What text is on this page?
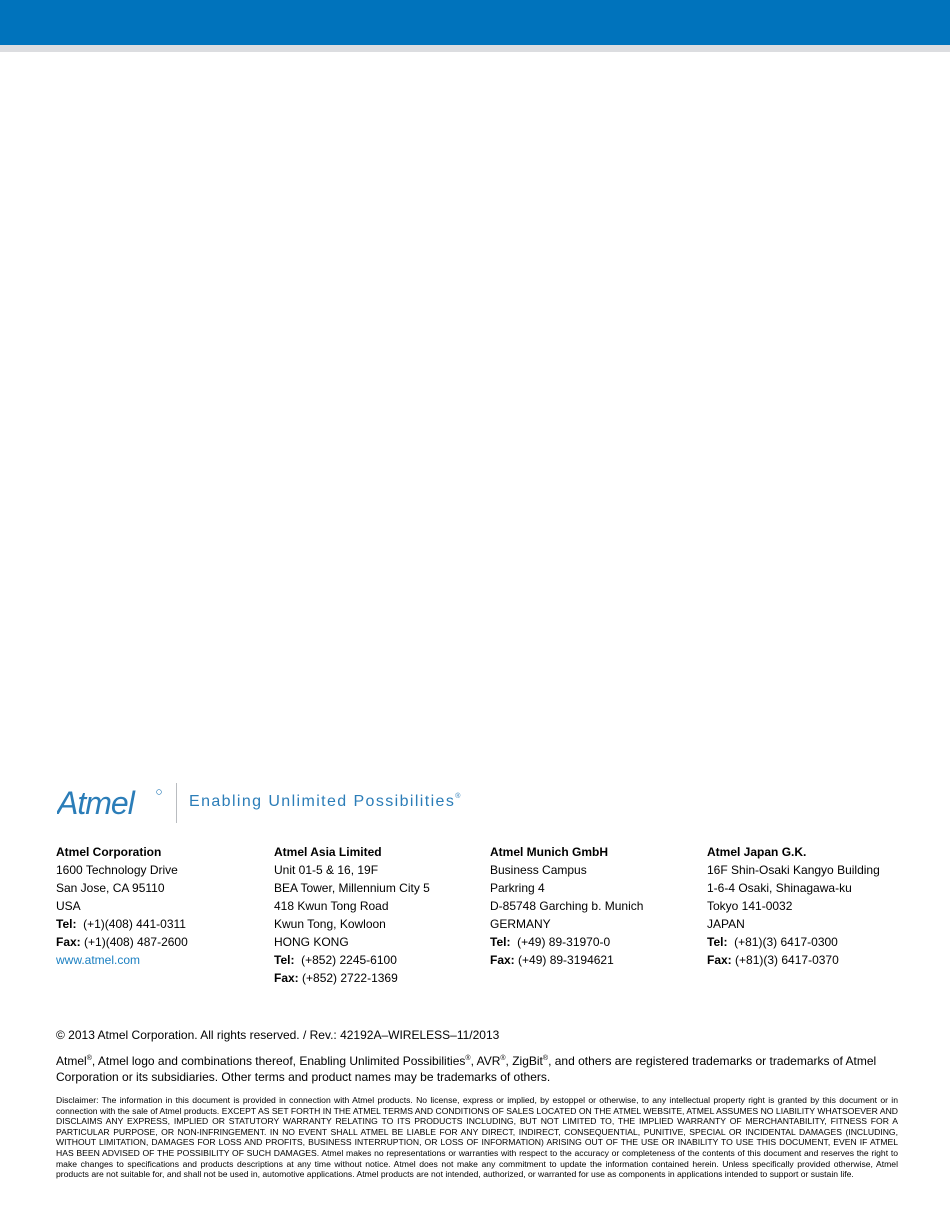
Atmel	Enabling Unlimited Possibilities®
Atmel Corporation
1600 Technology Drive
San Jose, CA 95110
USA
Tel: (+1)(408) 441-0311
Fax: (+1)(408) 487-2600
www.atmel.com
Atmel Asia Limited
Unit 01-5 & 16, 19F
BEA Tower, Millennium City 5
418 Kwun Tong Road
Kwun Tong, Kowloon
HONG KONG
Tel: (+852) 2245-6100
Fax: (+852) 2722-1369
Atmel Munich GmbH
Business Campus
Parkring 4
D-85748 Garching b. Munich
GERMANY
Tel: (+49) 89-31970-0
Fax: (+49) 89-3194621
Atmel Japan G.K.
16F Shin-Osaki Kangyo Building
1-6-4 Osaki, Shinagawa-ku
Tokyo 141-0032
JAPAN
Tel: (+81)(3) 6417-0300
Fax: (+81)(3) 6417-0370
© 2013 Atmel Corporation. All rights reserved. / Rev.: 42192A–WIRELESS–11/2013
Atmel®, Atmel logo and combinations thereof, Enabling Unlimited Possibilities®, AVR®, ZigBit®, and others are registered trademarks or trademarks of Atmel Corporation or its subsidiaries. Other terms and product names may be trademarks of others.
Disclaimer: The information in this document is provided in connection with Atmel products. No license, express or implied, by estoppel or otherwise, to any intellectual property right is granted by this document or in connection with the sale of Atmel products. EXCEPT AS SET FORTH IN THE ATMEL TERMS AND CONDITIONS OF SALES LOCATED ON THE ATMEL WEBSITE, ATMEL ASSUMES NO LIABILITY WHATSOEVER AND DISCLAIMS ANY EXPRESS, IMPLIED OR STATUTORY WARRANTY RELATING TO ITS PRODUCTS INCLUDING, BUT NOT LIMITED TO, THE IMPLIED WARRANTY OF MERCHANTABILITY, FITNESS FOR A PARTICULAR PURPOSE, OR NON-INFRINGEMENT. IN NO EVENT SHALL ATMEL BE LIABLE FOR ANY DIRECT, INDIRECT, CONSEQUENTIAL, PUNITIVE, SPECIAL OR INCIDENTAL DAMAGES (INCLUDING, WITHOUT LIMITATION, DAMAGES FOR LOSS AND PROFITS, BUSINESS INTERRUPTION, OR LOSS OF INFORMATION) ARISING OUT OF THE USE OR INABILITY TO USE THIS DOCUMENT, EVEN IF ATMEL HAS BEEN ADVISED OF THE POSSIBILITY OF SUCH DAMAGES. Atmel makes no representations or warranties with respect to the accuracy or completeness of the contents of this document and reserves the right to make changes to specifications and products descriptions at any time without notice. Atmel does not make any commitment to update the information contained herein. Unless specifically provided otherwise, Atmel products are not suitable for, and shall not be used in, automotive applications. Atmel products are not intended, authorized, or warranted for use as components in applications intended to support or sustain life.
